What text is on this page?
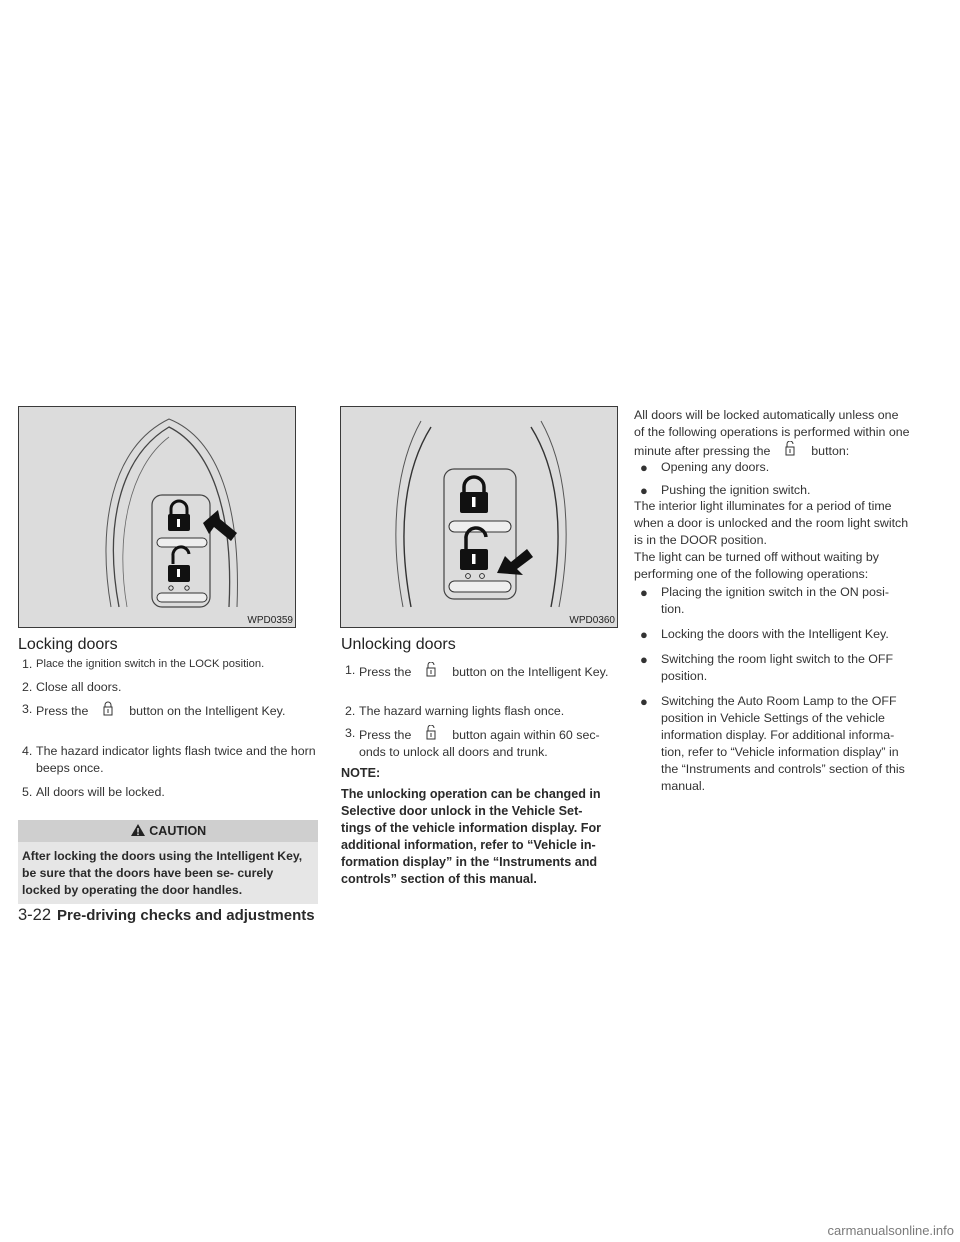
WPD0359	WPD0360
Locking doors
1. Place the ignition switch in the LOCK position.
2. Close all doors.
3. Press the	button on the Intelligent Key.
4. The hazard indicator lights flash twice and the horn beeps once.
5. All doors will be locked.
CAUTION
After locking the doors using the Intelligent Key, be sure that the doors have been se- curely locked by operating the door handles.
Unlocking doors
1. Press the	button on the Intelligent Key.
2. The hazard warning lights flash once.
3. Press the	button again within 60 sec- onds to unlock all doors and trunk.
NOTE:
The unlocking operation can be changed in Selective door unlock in the Vehicle Set- tings of the vehicle information display. For additional information, refer to “Vehicle in- formation display” in the “Instruments and controls” section of this manual.
All doors will be locked automatically unless one of the following operations is performed within one minute after pressing the	button:
●	Opening any doors.
●	Pushing the ignition switch.
The interior light illuminates for a period of time when a door is unlocked and the room light switch is in the DOOR position.
The light can be turned off without waiting by performing one of the following operations:
●	Placing the ignition switch in the ON posi- tion.
●	Locking the doors with the Intelligent Key.
●	Switching the room light switch to the OFF position.
●	Switching the Auto Room Lamp to the OFF position in Vehicle Settings of the vehicle information display. For additional informa- tion, refer to “Vehicle information display” in the “Instruments and controls” section of this manual.
3-22 Pre-driving checks and adjustments
carmanualsonline.info
